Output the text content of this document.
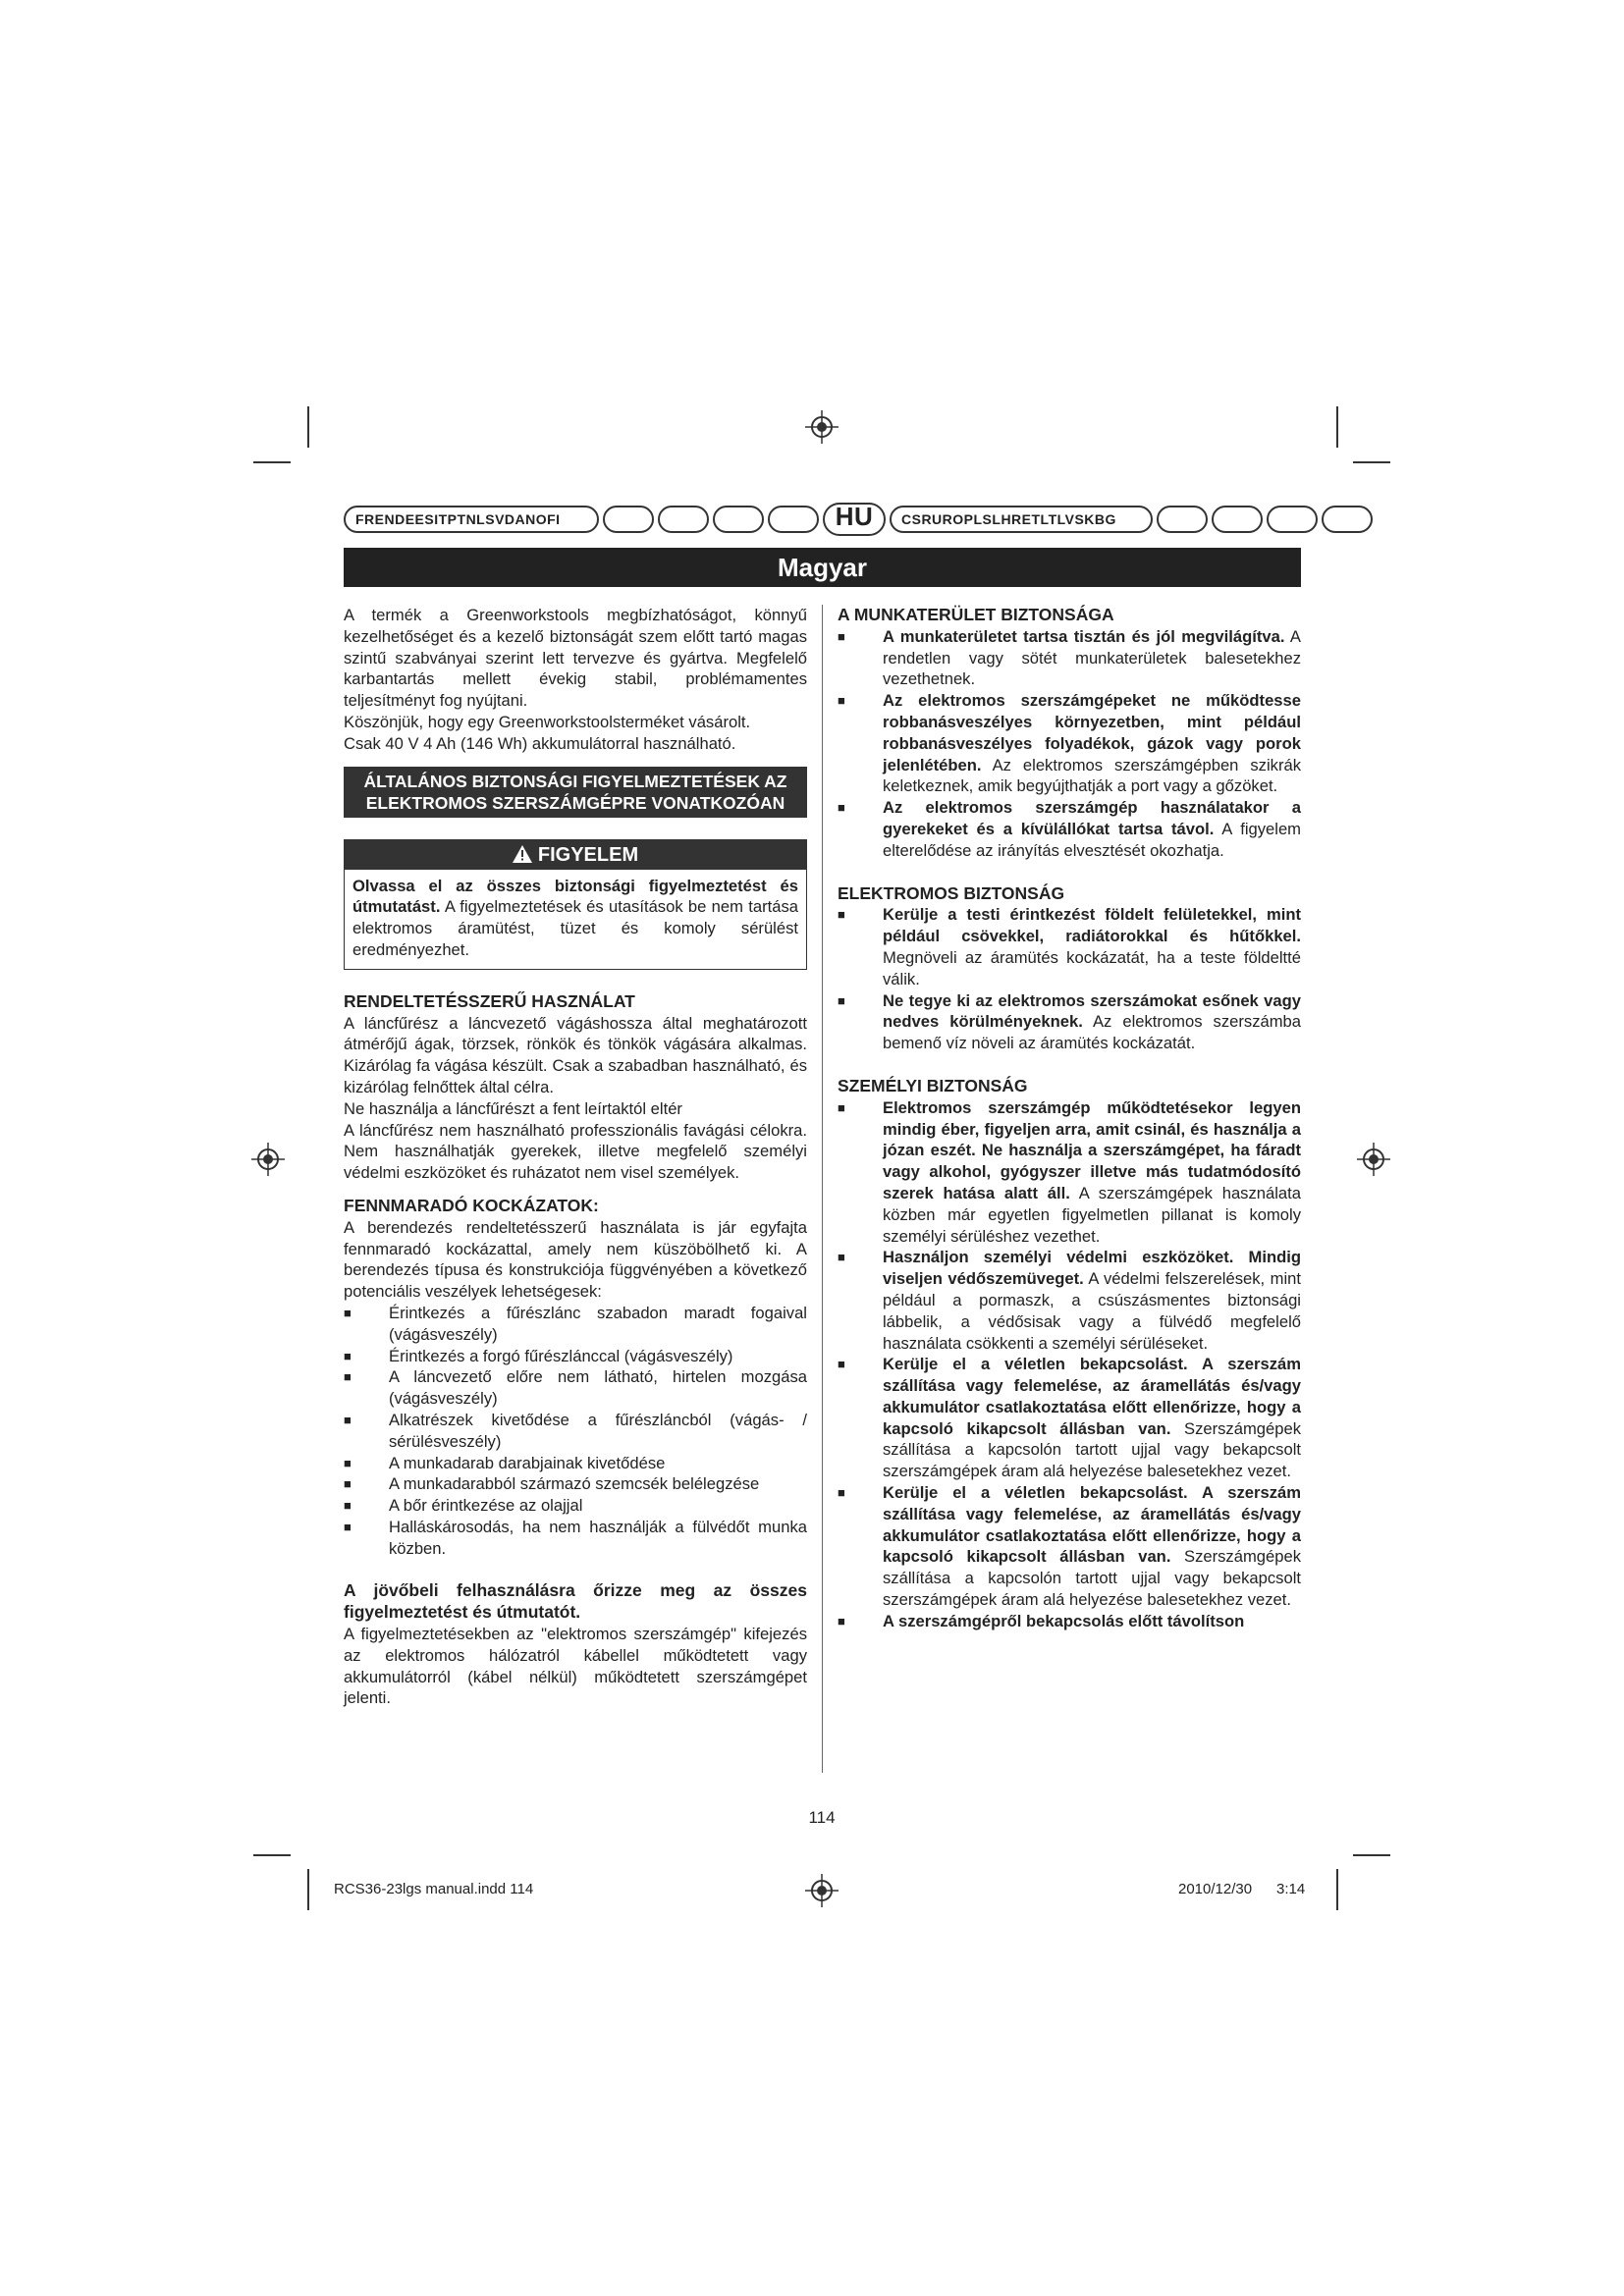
FRENDEESITPTNLSVDANOFI	HU	CSRUROPLSLHRETLTLVSKBG
Magyar

A termék a Greenworkstools megbízhatóságot, könnyű kezelhetőséget és a kezelő biztonságát szem előtt tartó magas szintű szabványai szerint lett tervezve és gyártva. Megfelelő karbantartás mellett évekig stabil, problémamentes teljesítményt fog nyújtani.

Köszönjük, hogy egy Greenworkstoolsterméket vásárolt.

Csak 40 V 4 Ah (146 Wh) akkumulátorral használható.

ÁLTALÁNOS BIZTONSÁGI FIGYELMEZTETÉSEK AZ ELEKTROMOS SZERSZÁMGÉPRE VONATKOZÓAN
FIGYELEM

Olvassa el az összes biztonsági figyelmeztetést és útmutatást. A figyelmeztetések és utasítások be nem tartása elektromos áramütést, tüzet és komoly sérülést eredményezhet.

RENDELTETÉSSZERŰ HASZNÁLAT

A láncfűrész a láncvezető vágáshossza által meghatározott átmérőjű ágak, törzsek, rönkök és tönkök vágására alkalmas. Kizárólag fa vágása készült. Csak a szabadban használható, és kizárólag felnőttek által célra.

Ne használja a láncfűrészt a fent leírtaktól eltér

A láncfűrész nem használható professzionális favágási célokra. Nem használhatják gyerekek, illetve megfelelő személyi védelmi eszközöket és ruházatot nem visel személyek.

FENNMARADÓ KOCKÁZATOK:

A berendezés rendeltetésszerű használata is jár egyfajta fennmaradó kockázattal, amely nem küszöbölhető ki. A berendezés típusa és konstrukciója függvényében a következő potenciális veszélyek lehetségesek:

■	Érintkezés a fűrészlánc szabadon maradt fogaival (vágásveszély)
■	Érintkezés a forgó fűrészlánccal (vágásveszély)
■	A láncvezető előre nem látható, hirtelen mozgása (vágásveszély)
■	Alkatrészek kivetődése a fűrészláncból (vágás- / sérülésveszély)
■	A munkadarab darabjainak kivetődése
■	A munkadarabból származó szemcsék belélegzése
■	A bőr érintkezése az olajjal
■	Halláskárosodás, ha nem használják a fülvédőt munka közben.

A jövőbeli felhasználásra őrizze meg az összes figyelmeztetést és útmutatót.

A figyelmeztetésekben az "elektromos szerszámgép" kifejezés az elektromos hálózatról kábellel működtetett vagy akkumulátorról (kábel nélkül) működtetett szerszámgépet jelenti.

A MUNKATERÜLET BIZTONSÁGA

■	A munkaterületet tartsa tisztán és jól megvilágítva. A rendetlen vagy sötét munkaterületek balesetekhez vezethetnek.
■	Az elektromos szerszámgépeket ne működtesse robbanásveszélyes környezetben, mint például robbanásveszélyes folyadékok, gázok vagy porok jelenlétében. Az elektromos szerszámgépben szikrák keletkeznek, amik begyújthatják a port vagy a gőzöket.
■	Az elektromos szerszámgép használatakor a gyerekeket és a kívülállókat tartsa távol. A figyelem elterelődése az irányítás elvesztését okozhatja.

ELEKTROMOS BIZTONSÁG

■	Kerülje a testi érintkezést földelt felületekkel, mint például csövekkel, radiátorokkal és hűtőkkel. Megnöveli az áramütés kockázatát, ha a teste földeltté válik.
■	Ne tegye ki az elektromos szerszámokat esőnek vagy nedves körülményeknek. Az elektromos szerszámba bemenő víz növeli az áramütés kockázatát.

SZEMÉLYI BIZTONSÁG

■	Elektromos szerszámgép működtetésekor legyen mindig éber, figyeljen arra, amit csinál, és használja a józan eszét. Ne használja a szerszámgépet, ha fáradt vagy alkohol, gyógyszer illetve más tudatmódosító szerek hatása alatt áll. A szerszámgépek használata közben már egyetlen figyelmetlen pillanat is komoly személyi sérüléshez vezethet.
■	Használjon személyi védelmi eszközöket. Mindig viseljen védőszemüveget. A védelmi felszerelések, mint például a pormaszk, a csúszásmentes biztonsági lábbelik, a védősisak vagy a fülvédő megfelelő használata csökkenti a személyi sérüléseket.
■	Kerülje el a véletlen bekapcsolást. A szerszám szállítása vagy felemelése, az áramellátás és/vagy akkumulátor csatlakoztatása előtt ellenőrizze, hogy a kapcsoló kikapcsolt állásban van. Szerszámgépek szállítása a kapcsolón tartott ujjal vagy bekapcsolt szerszámgépek áram alá helyezése balesetekhez vezet.
■	Kerülje el a véletlen bekapcsolást. A szerszám szállítása vagy felemelése, az áramellátás és/vagy akkumulátor csatlakoztatása előtt ellenőrizze, hogy a kapcsoló kikapcsolt állásban van. Szerszámgépek szállítása a kapcsolón tartott ujjal vagy bekapcsolt szerszámgépek áram alá helyezése balesetekhez vezet.
■	A szerszámgépről bekapcsolás előtt távolítson
114
RCS36-23lgs manual.indd 114	2010/12/30 3:14
